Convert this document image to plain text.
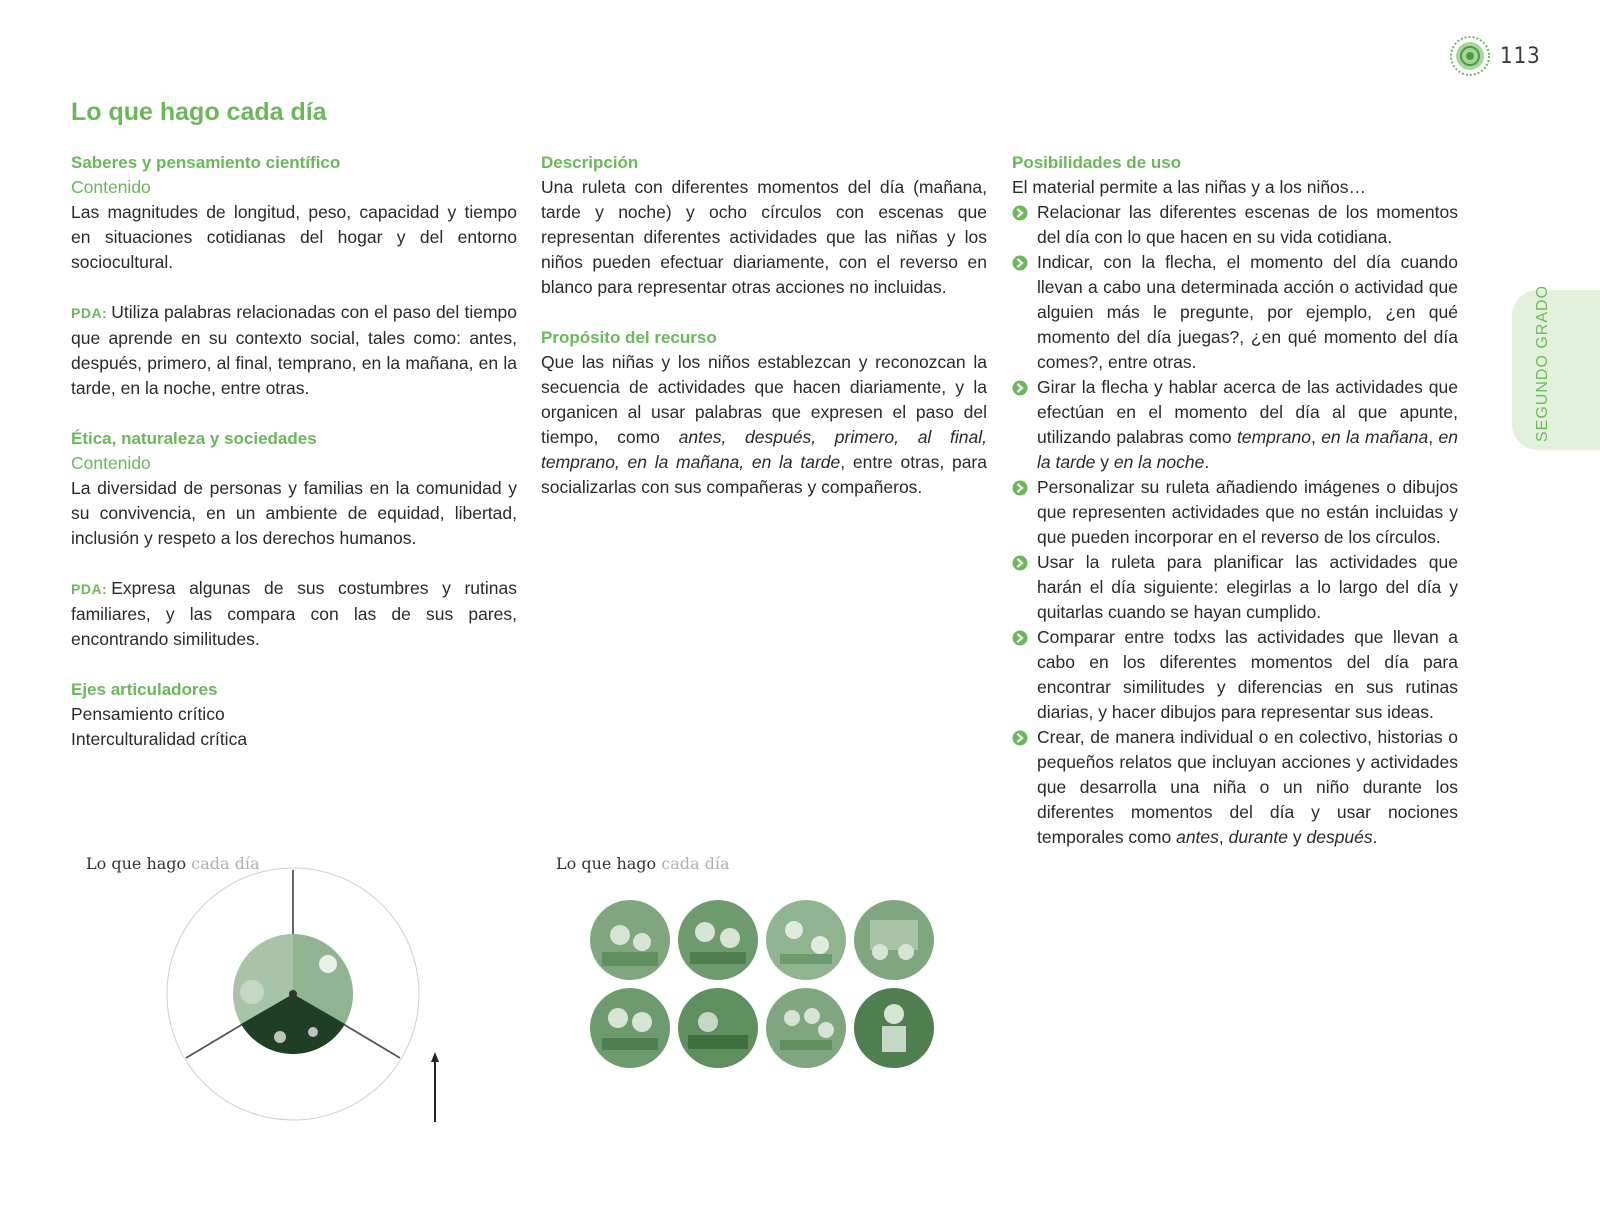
113
SEGUNDO GRADO
Lo que hago cada día

Saberes y pensamiento científico

Contenido

Las magnitudes de longitud, peso, capacidad y tiempo en situaciones cotidianas del hogar y del entorno sociocultural.

PDA: Utiliza palabras relacionadas con el paso del tiempo que aprende en su contexto social, tales como: antes, después, primero, al final, temprano, en la mañana, en la tarde, en la noche, entre otras.

Ética, naturaleza y sociedades

Contenido

La diversidad de personas y familias en la comunidad y su convivencia, en un ambiente de equidad, libertad, inclusión y respeto a los derechos humanos.

PDA: Expresa algunas de sus costumbres y rutinas familiares, y las compara con las de sus pares, encontrando similitudes.

Ejes articuladores

Pensamiento crítico

Interculturalidad crítica

Descripción

Una ruleta con diferentes momentos del día (mañana, tarde y noche) y ocho círculos con escenas que representan diferentes actividades que las niñas y los niños pueden efectuar diariamente, con el reverso en blanco para representar otras acciones no incluidas.

Propósito del recurso

Que las niñas y los niños establezcan y reconozcan la secuencia de actividades que hacen diariamente, y la organicen al usar palabras que expresen el paso del tiempo, como antes, después, primero, al final, temprano, en la mañana, en la tarde, entre otras, para socializarlas con sus compañeras y compañeros.

Posibilidades de uso

El material permite a las niñas y a los niños…

Relacionar las diferentes escenas de los momentos del día con lo que hacen en su vida cotidiana.
Indicar, con la flecha, el momento del día cuando llevan a cabo una determinada acción o actividad que alguien más le pregunte, por ejemplo, ¿en qué momento del día juegas?, ¿en qué momento del día comes?, entre otras.
Girar la flecha y hablar acerca de las actividades que efectúan en el momento del día al que apunte, utilizando palabras como temprano, en la mañana, en la tarde y en la noche.
Personalizar su ruleta añadiendo imágenes o dibujos que representen actividades que no están incluidas y que pueden incorporar en el reverso de los círculos.
Usar la ruleta para planificar las actividades que harán el día siguiente: elegirlas a lo largo del día y quitarlas cuando se hayan cumplido.
Comparar entre todxs las actividades que llevan a cabo en los diferentes momentos del día para encontrar similitudes y diferencias en sus rutinas diarias, y hacer dibujos para representar sus ideas.
Crear, de manera individual o en colectivo, historias o pequeños relatos que incluyan acciones y actividades que desarrolla una niña o un niño durante los diferentes momentos del día y usar nociones temporales como antes, durante y después.
Lo que hago cada día	Lo que hago cada día
